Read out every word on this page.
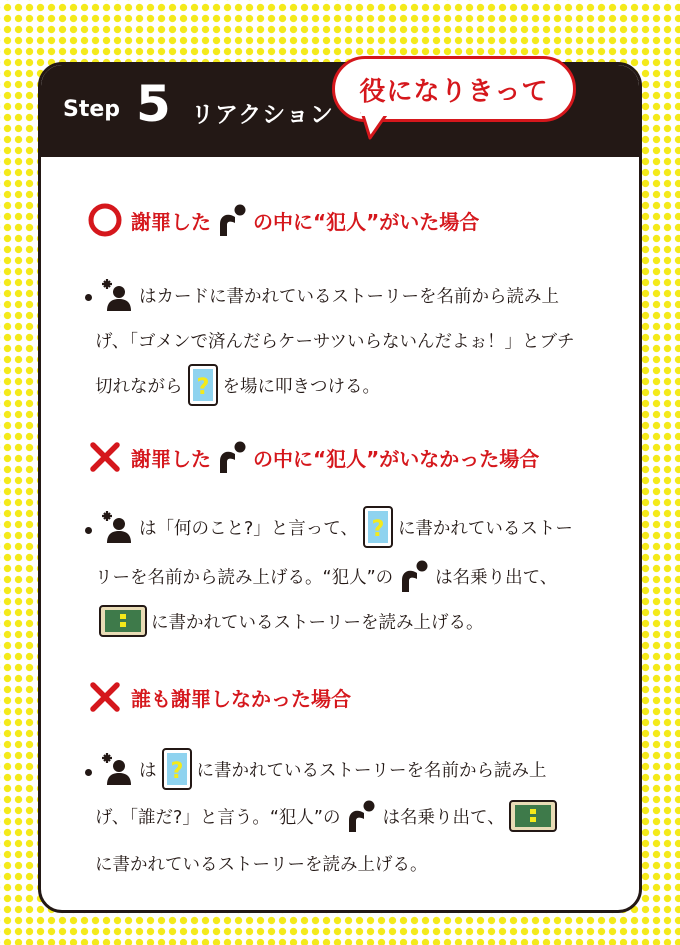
Step 5 リアクション
謝罪した の中に“犯人”がいた場合
はカードに書かれているストーリーを名前から読み上
げ、「ゴメンで済んだらケーサツいらないんだよぉ！」とブチ
切れながら ? を場に叩きつける。
謝罪した の中に“犯人”がいなかった場合
は「何のこと?」と言って、 ? に書かれているストー
リーを名前から読み上げる。“犯人”の は名乗り出て、
に書かれているストーリーを読み上げる。
誰も謝罪しなかった場合
は ? に書かれているストーリーを名前から読み上
げ、「誰だ?」と言う。“犯人”の は名乗り出て、
に書かれているストーリーを読み上げる。
役になりきって
